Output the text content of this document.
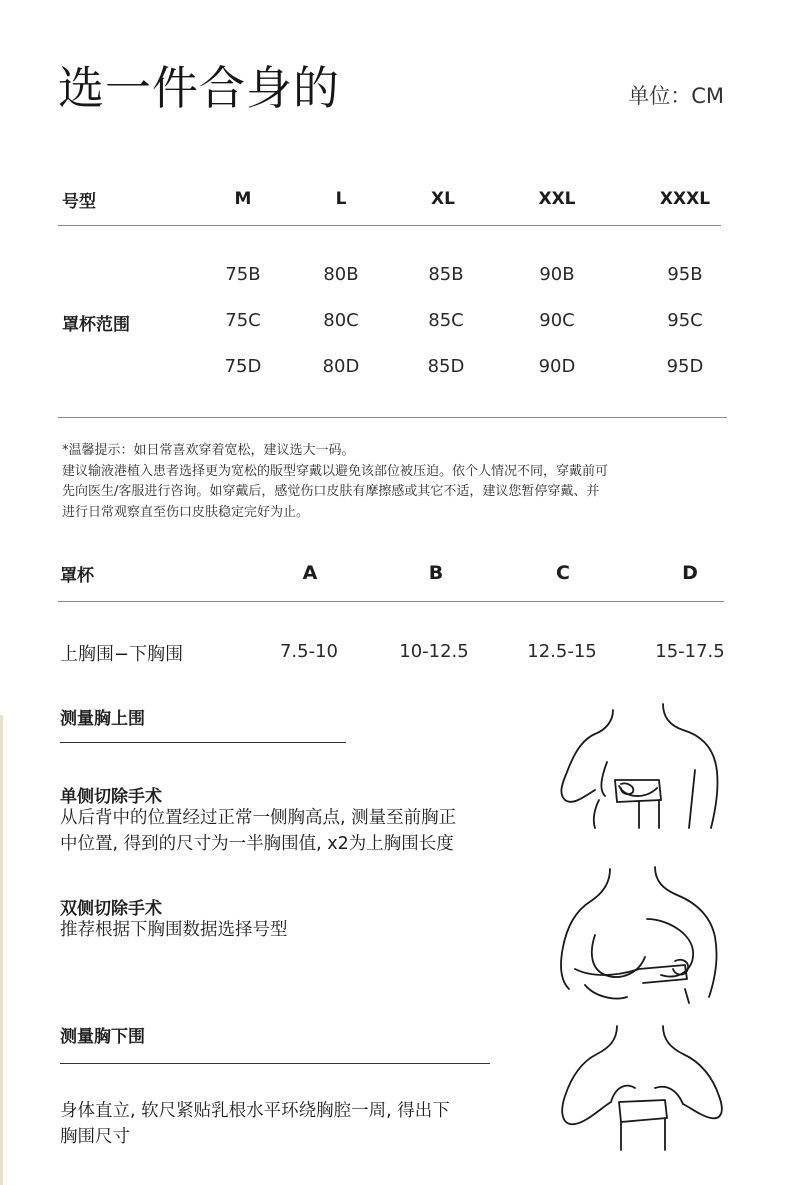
选一件合身的	单位：CM
号型	M	L	XL	XXL	XXXL
罩杯范围
75B	80B	85B	90B	95B
75C	80C	85C	90C	95C
75D	80D	85D	90D	95D
*温馨提示：如日常喜欢穿着宽松，建议选大一码。
建议输液港植入患者选择更为宽松的版型穿戴以避免该部位被压迫。依个人情况不同，穿戴前可
先向医生/客服进行咨询。如穿戴后，感觉伤口皮肤有摩擦感或其它不适，建议您暂停穿戴、并
进行日常观察直至伤口皮肤稳定完好为止。
罩杯	A	B	C	D
上胸围−下胸围	7.5-10	10-12.5	12.5-15	15-17.5
测量胸上围
单侧切除手术
从后背中的位置经过正常一侧胸高点, 测量至前胸正
中位置, 得到的尺寸为一半胸围值, x2为上胸围长度
双侧切除手术
推荐根据下胸围数据选择号型
测量胸下围
身体直立, 软尺紧贴乳根水平环绕胸腔一周, 得出下
胸围尺寸
